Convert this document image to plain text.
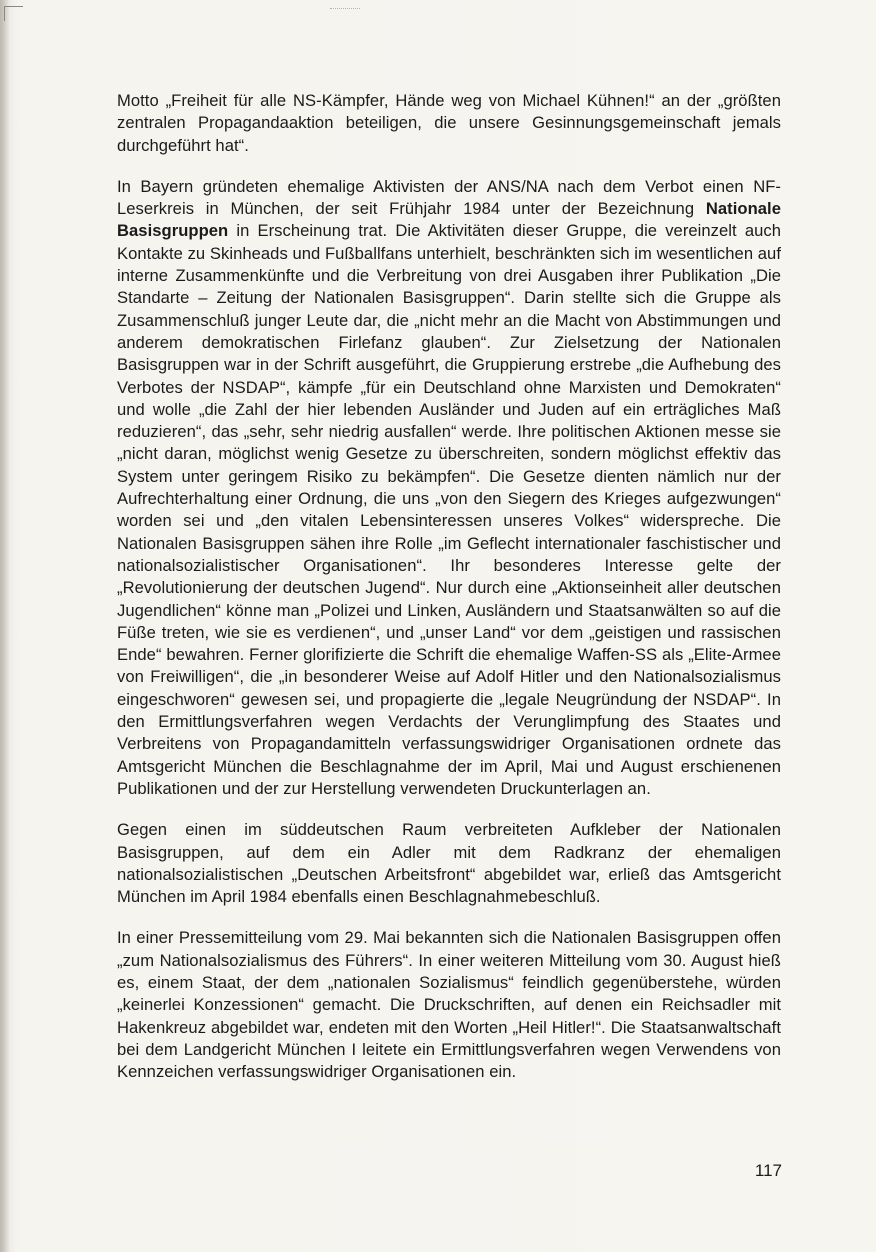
Motto „Freiheit für alle NS-Kämpfer, Hände weg von Michael Kühnen!“ an der „größten zentralen Propagandaaktion beteiligen, die unsere Gesinnungsgemeinschaft jemals durchgeführt hat“.

In Bayern gründeten ehemalige Aktivisten der ANS/NA nach dem Verbot einen NF-Leserkreis in München, der seit Frühjahr 1984 unter der Bezeichnung Nationale Basisgruppen in Erscheinung trat. Die Aktivitäten dieser Gruppe, die vereinzelt auch Kontakte zu Skinheads und Fußballfans unterhielt, beschränkten sich im wesentlichen auf interne Zusammenkünfte und die Verbreitung von drei Ausgaben ihrer Publikation „Die Standarte – Zeitung der Nationalen Basisgruppen“. Darin stellte sich die Gruppe als Zusammenschluß junger Leute dar, die „nicht mehr an die Macht von Abstimmungen und anderem demokratischen Firlefanz glauben“. Zur Zielsetzung der Nationalen Basisgruppen war in der Schrift ausgeführt, die Gruppierung erstrebe „die Aufhebung des Verbotes der NSDAP“, kämpfe „für ein Deutschland ohne Marxisten und Demokraten“ und wolle „die Zahl der hier lebenden Ausländer und Juden auf ein erträgliches Maß reduzieren“, das „sehr, sehr niedrig ausfallen“ werde. Ihre politischen Aktionen messe sie „nicht daran, möglichst wenig Gesetze zu überschreiten, sondern möglichst effektiv das System unter geringem Risiko zu bekämpfen“. Die Gesetze dienten nämlich nur der Aufrechterhaltung einer Ordnung, die uns „von den Siegern des Krieges aufgezwungen“ worden sei und „den vitalen Lebensinteressen unseres Volkes“ widerspreche. Die Nationalen Basisgruppen sähen ihre Rolle „im Geflecht internationaler faschistischer und nationalsozialistischer Organisationen“. Ihr besonderes Interesse gelte der „Revolutionierung der deutschen Jugend“. Nur durch eine „Aktionseinheit aller deutschen Jugendlichen“ könne man „Polizei und Linken, Ausländern und Staatsanwälten so auf die Füße treten, wie sie es verdienen“, und „unser Land“ vor dem „geistigen und rassischen Ende“ bewahren. Ferner glorifizierte die Schrift die ehemalige Waffen-SS als „Elite-Armee von Freiwilligen“, die „in besonderer Weise auf Adolf Hitler und den Nationalsozialismus eingeschworen“ gewesen sei, und propagierte die „legale Neugründung der NSDAP“. In den Ermittlungsverfahren wegen Verdachts der Verunglimpfung des Staates und Verbreitens von Propagandamitteln verfassungswidriger Organisationen ordnete das Amtsgericht München die Beschlagnahme der im April, Mai und August erschienenen Publikationen und der zur Herstellung verwendeten Druckunterlagen an.

Gegen einen im süddeutschen Raum verbreiteten Aufkleber der Nationalen Basisgruppen, auf dem ein Adler mit dem Radkranz der ehemaligen nationalsozialistischen „Deutschen Arbeitsfront“ abgebildet war, erließ das Amtsgericht München im April 1984 ebenfalls einen Beschlagnahmebeschluß.

In einer Pressemitteilung vom 29. Mai bekannten sich die Nationalen Basisgruppen offen „zum Nationalsozialismus des Führers“. In einer weiteren Mitteilung vom 30. August hieß es, einem Staat, der dem „nationalen Sozialismus“ feindlich gegenüberstehe, würden „keinerlei Konzessionen“ gemacht. Die Druckschriften, auf denen ein Reichsadler mit Hakenkreuz abgebildet war, endeten mit den Worten „Heil Hitler!“. Die Staatsanwaltschaft bei dem Landgericht München I leitete ein Ermittlungsverfahren wegen Verwendens von Kennzeichen verfassungswidriger Organisationen ein.

117
